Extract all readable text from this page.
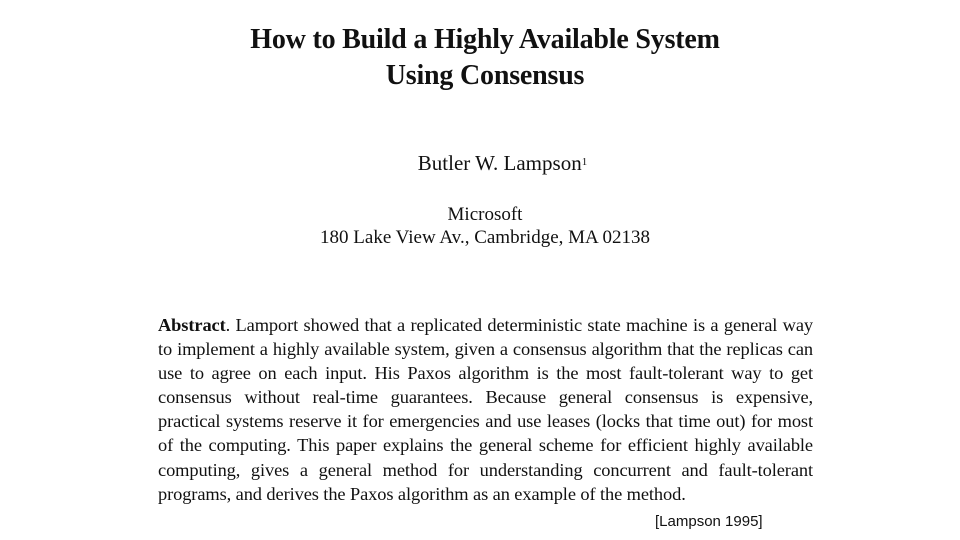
How to Build a Highly Available System
Using Consensus
Butler W. Lampson$^1$
Microsoft
180 Lake View Av., Cambridge, MA 02138
Abstract. Lamport showed that a replicated deterministic state machine is a general way to implement a highly available system, given a consensus algorithm that the replicas can use to agree on each input. His Paxos algorithm is the most fault-tolerant way to get consensus without real-time guarantees. Because general consensus is expensive, practical systems reserve it for emergencies and use leases (locks that time out) for most of the computing. This paper explains the general scheme for efficient highly available computing, gives a general method for understanding concurrent and fault-tolerant programs, and derives the Paxos algorithm as an example of the method.
[Lampson 1995]
